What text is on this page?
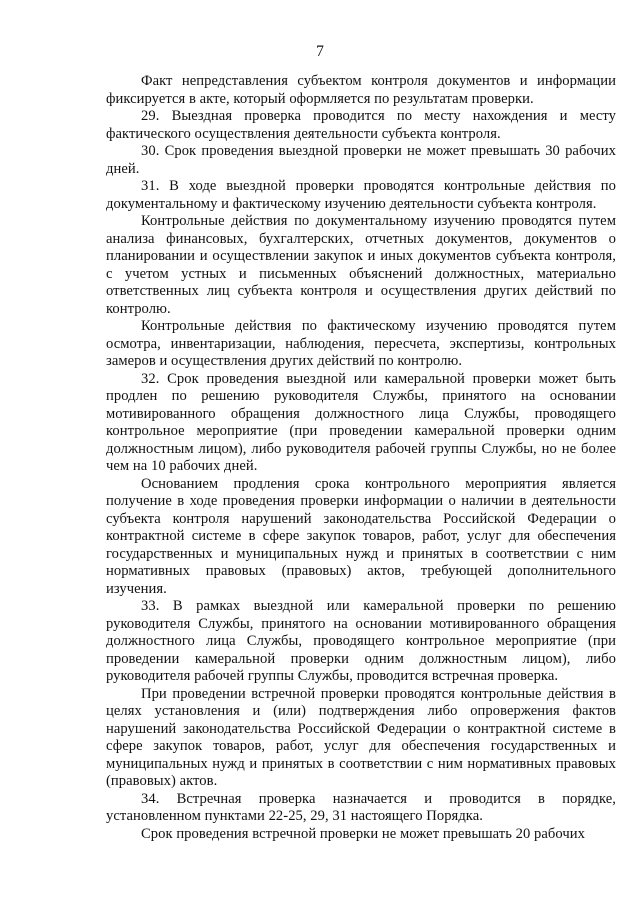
7

Факт непредставления субъектом контроля документов и информации фиксируется в акте, который оформляется по результатам проверки.

29. Выездная проверка проводится по месту нахождения и месту фактического осуществления деятельности субъекта контроля.

30. Срок проведения выездной проверки не может превышать 30 рабочих дней.

31. В ходе выездной проверки проводятся контрольные действия по документальному и фактическому изучению деятельности субъекта контроля.

Контрольные действия по документальному изучению проводятся путем анализа финансовых, бухгалтерских, отчетных документов, документов о планировании и осуществлении закупок и иных документов субъекта контроля, с учетом устных и письменных объяснений должностных, материально ответственных лиц субъекта контроля и осуществления других действий по контролю.

Контрольные действия по фактическому изучению проводятся путем осмотра, инвентаризации, наблюдения, пересчета, экспертизы, контрольных замеров и осуществления других действий по контролю.

32. Срок проведения выездной или камеральной проверки может быть продлен по решению руководителя Службы, принятого на основании мотивированного обращения должностного лица Службы, проводящего контрольное мероприятие (при проведении камеральной проверки одним должностным лицом), либо руководителя рабочей группы Службы, но не более чем на 10 рабочих дней.

Основанием продления срока контрольного мероприятия является получение в ходе проведения проверки информации о наличии в деятельности субъекта контроля нарушений законодательства Российской Федерации о контрактной системе в сфере закупок товаров, работ, услуг для обеспечения государственных и муниципальных нужд и принятых в соответствии с ним нормативных правовых (правовых) актов, требующей дополнительного изучения.

33. В рамках выездной или камеральной проверки по решению руководителя Службы, принятого на основании мотивированного обращения должностного лица Службы, проводящего контрольное мероприятие (при проведении камеральной проверки одним должностным лицом), либо руководителя рабочей группы Службы, проводится встречная проверка.

При проведении встречной проверки проводятся контрольные действия в целях установления и (или) подтверждения либо опровержения фактов нарушений законодательства Российской Федерации о контрактной системе в сфере закупок товаров, работ, услуг для обеспечения государственных и муниципальных нужд и принятых в соответствии с ним нормативных правовых (правовых) актов.

34. Встречная проверка назначается и проводится в порядке, установленном пунктами 22-25, 29, 31 настоящего Порядка.

Срок проведения встречной проверки не может превышать 20 рабочих
